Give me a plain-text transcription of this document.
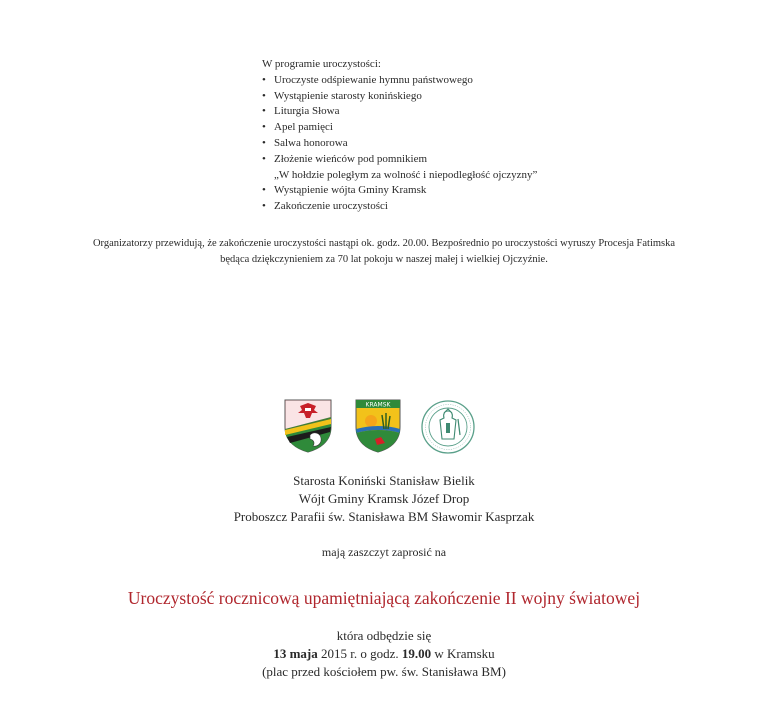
W programie uroczystości:

• Uroczyste odśpiewanie hymnu państwowego
• Wystąpienie starosty konińskiego
• Liturgia Słowa
• Apel pamięci
• Salwa honorowa
• Złożenie wieńców pod pomnikiem
„W hołdzie poległym za wolność i niepodległość ojczyzny”
• Wystąpienie wójta Gminy Kramsk
• Zakończenie uroczystości
Organizatorzy przewidują, że zakończenie uroczystości nastąpi ok. godz. 20.00. Bezpośrednio po uroczystości wyruszy Procesja Fatimska
będąca dziękczynieniem za 70 lat pokoju w naszej małej i wielkiej Ojczyźnie.
KRAMSK
Starosta Koniński Stanisław Bielik
Wójt Gminy Kramsk Józef Drop
Proboszcz Parafii św. Stanisława BM Sławomir Kasprzak
mają zaszczyt zaprosić na
Uroczystość rocznicową upamiętniającą zakończenie II wojny światowej
która odbędzie się
13 maja 2015 r. o godz. 19.00 w Kramsku
(plac przed kościołem pw. św. Stanisława BM)
